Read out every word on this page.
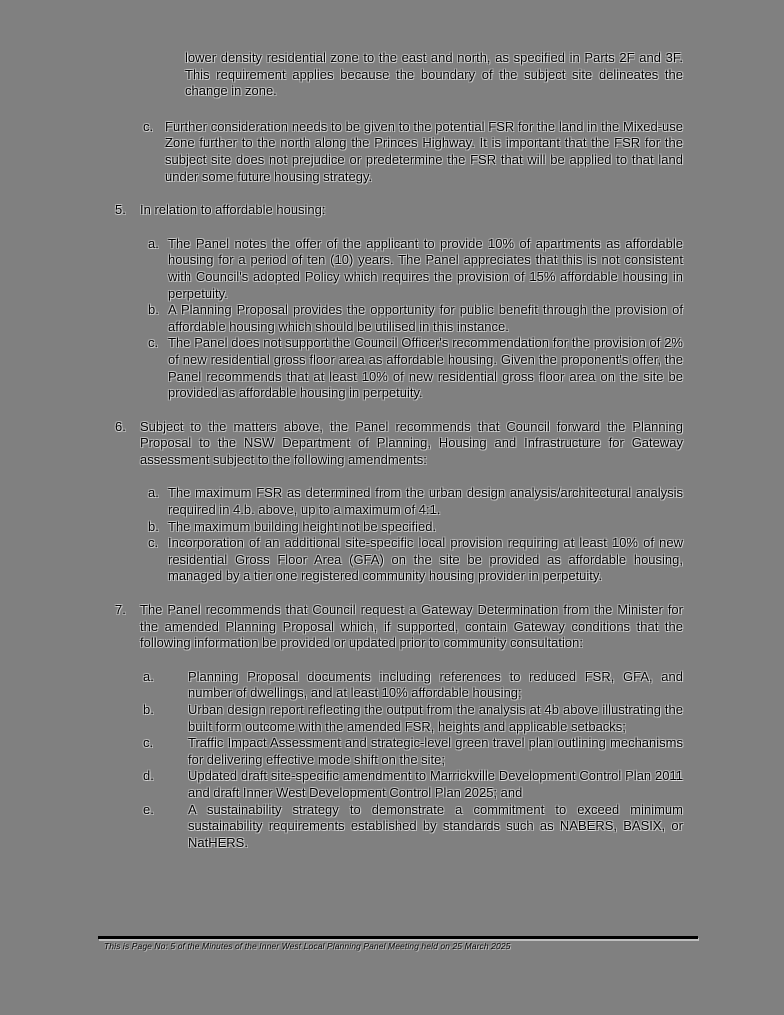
lower density residential zone to the east and north, as specified in Parts 2F and 3F. This requirement applies because the boundary of the subject site delineates the change in zone.
c. Further consideration needs to be given to the potential FSR for the land in the Mixed-use Zone further to the north along the Princes Highway. It is important that the FSR for the subject site does not prejudice or predetermine the FSR that will be applied to that land under some future housing strategy.
5.	In relation to affordable housing:
a. The Panel notes the offer of the applicant to provide 10% of apartments as affordable housing for a period of ten (10) years. The Panel appreciates that this is not consistent with Council's adopted Policy which requires the provision of 15% affordable housing in perpetuity.
b. A Planning Proposal provides the opportunity for public benefit through the provision of affordable housing which should be utilised in this instance.
c. The Panel does not support the Council Officer's recommendation for the provision of 2% of new residential gross floor area as affordable housing. Given the proponent's offer, the Panel recommends that at least 10% of new residential gross floor area on the site be provided as affordable housing in perpetuity.
6.	Subject to the matters above, the Panel recommends that Council forward the Planning Proposal to the NSW Department of Planning, Housing and Infrastructure for Gateway assessment subject to the following amendments:
a. The maximum FSR as determined from the urban design analysis/architectural analysis required in 4.b. above, up to a maximum of 4:1.
b. The maximum building height not be specified.
c. Incorporation of an additional site-specific local provision requiring at least 10% of new residential Gross Floor Area (GFA) on the site be provided as affordable housing, managed by a tier one registered community housing provider in perpetuity.
7.	The Panel recommends that Council request a Gateway Determination from the Minister for the amended Planning Proposal which, if supported, contain Gateway conditions that the following information be provided or updated prior to community consultation:
a.	Planning Proposal documents including references to reduced FSR, GFA, and number of dwellings, and at least 10% affordable housing;
b.	Urban design report reflecting the output from the analysis at 4b above illustrating the built form outcome with the amended FSR, heights and applicable setbacks;
c.	Traffic Impact Assessment and strategic-level green travel plan outlining mechanisms for delivering effective mode shift on the site;
d.	Updated draft site-specific amendment to Marrickville Development Control Plan 2011 and draft Inner West Development Control Plan 2025; and
e.	A sustainability strategy to demonstrate a commitment to exceed minimum sustainability requirements established by standards such as NABERS, BASIX, or NatHERS.
This is Page No: 5 of the Minutes of the Inner West Local Planning Panel Meeting held on 25 March 2025
